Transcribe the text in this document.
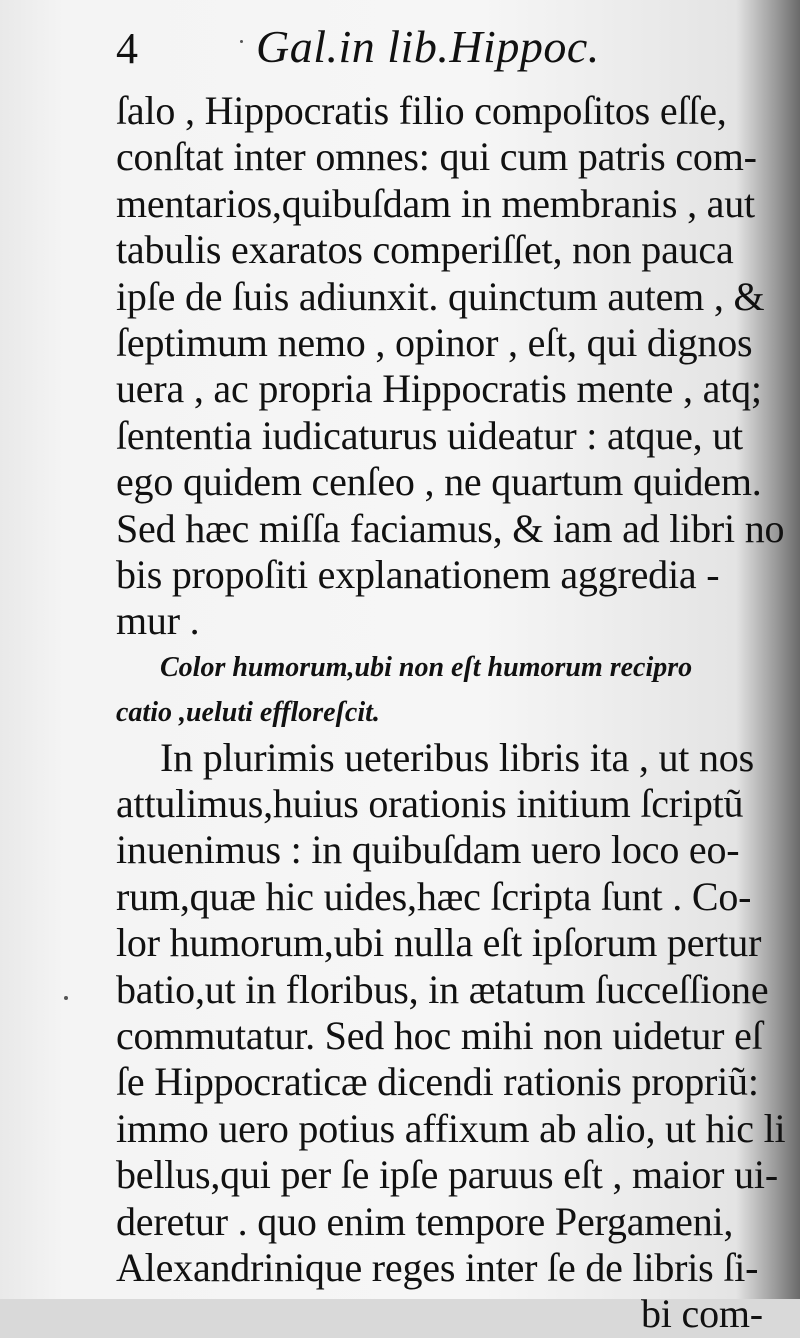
4	Gal.in lib.Hippoc.
ſalo , Hippocratis filio compoſitos eſſe,
conſtat inter omnes: qui cum patris com-
mentarios,quibuſdam in membranis , aut
tabulis exaratos comperiſſet, non pauca
ipſe de ſuis adiunxit. quinctum autem , &
ſeptimum nemo , opinor , eſt, qui dignos
uera , ac propria Hippocratis mente , atq;
ſententia iudicaturus uideatur : atque, ut
ego quidem cenſeo , ne quartum quidem.
Sed hæc miſſa faciamus, & iam ad libri no
bis propoſiti explanationem aggredia -
mur .
Color humorum,ubi non eſt humorum recipro
catio ,ueluti effloreſcit.
In plurimis ueteribus libris ita , ut nos
attulimus,huius orationis initium ſcriptũ
inuenimus : in quibuſdam uero loco eo-
rum,quæ hic uides,hæc ſcripta ſunt . Co-
lor humorum,ubi nulla eſt ipſorum pertur
batio,ut in floribus, in ætatum ſucceſſione
commutatur. Sed hoc mihi non uidetur eſ
ſe Hippocraticæ dicendi rationis propriũ:
immo uero potius affixum ab alio, ut hic li
bellus,qui per ſe ipſe paruus eſt , maior ui-
deretur . quo enim tempore Pergameni,
Alexandrinique reges inter ſe de libris ſi-
bi com-
